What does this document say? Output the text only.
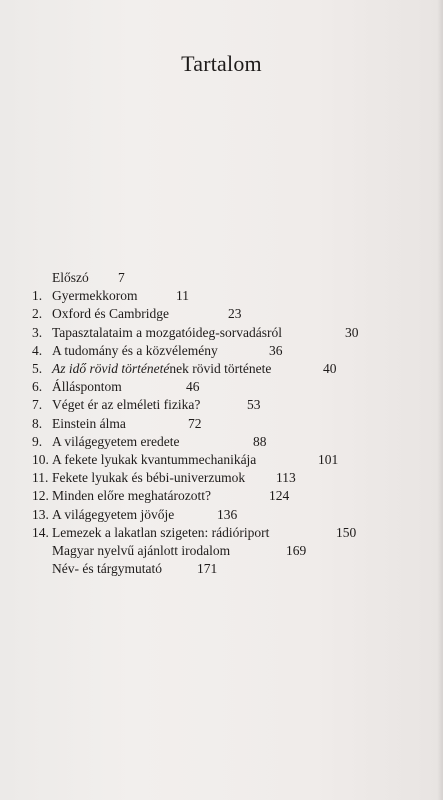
Tartalom
Előszó 7
1. Gyermekkorom	11
2. Oxford és Cambridge	23
3. Tapasztalataim a mozgatóideg-sorvadásról	30
4. A tudomány és a közvélemény	36
5. Az idő rövid történetének rövid története	40
6. Álláspontom	46
7. Véget ér az elméleti fizika?	53
8. Einstein álma	72
9. A világegyetem eredete	88
10. A fekete lyukak kvantummechanikája	101
11. Fekete lyukak és bébi-univerzumok 113
12. Minden előre meghatározott?	124
13. A világegyetem jövője	136
14. Lemezek a lakatlan szigeten: rádióriport	150
Magyar nyelvű ajánlott irodalom	169
Név- és tárgymutató	171
